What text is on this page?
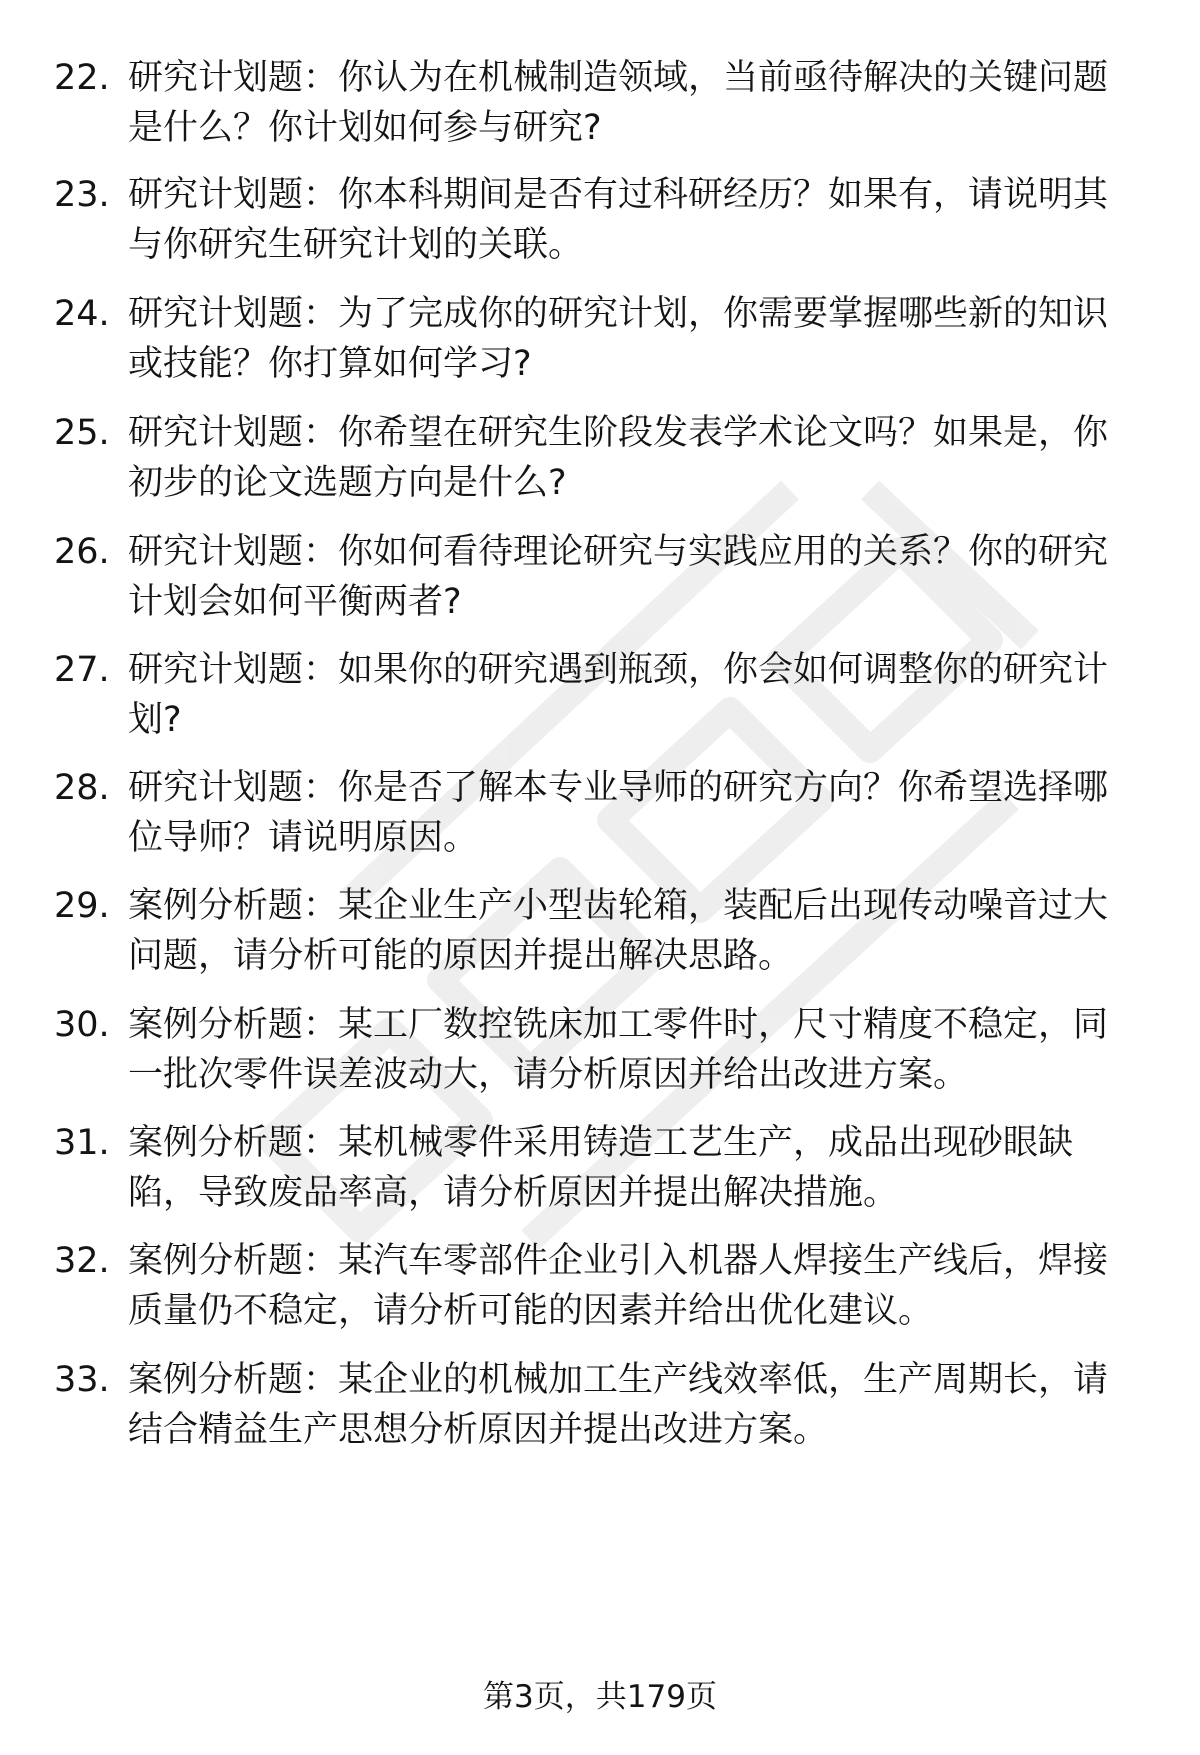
22. 研究计划题：你认为在机械制造领域，当前亟待解决的关键问题
是什么？你计划如何参与研究?
23. 研究计划题：你本科期间是否有过科研经历？如果有，请说明其
与你研究生研究计划的关联。
24. 研究计划题：为了完成你的研究计划，你需要掌握哪些新的知识
或技能？你打算如何学习?
25. 研究计划题：你希望在研究生阶段发表学术论文吗？如果是，你
初步的论文选题方向是什么?
26. 研究计划题：你如何看待理论研究与实践应用的关系？你的研究
计划会如何平衡两者?
27. 研究计划题：如果你的研究遇到瓶颈，你会如何调整你的研究计
划?
28. 研究计划题：你是否了解本专业导师的研究方向？你希望选择哪
位导师？请说明原因。
29. 案例分析题：某企业生产小型齿轮箱，装配后出现传动噪音过大
问题，请分析可能的原因并提出解决思路。
30. 案例分析题：某工厂数控铣床加工零件时，尺寸精度不稳定，同
一批次零件误差波动大，请分析原因并给出改进方案。
31. 案例分析题：某机械零件采用铸造工艺生产，成品出现砂眼缺
陷，导致废品率高，请分析原因并提出解决措施。
32. 案例分析题：某汽车零部件企业引入机器人焊接生产线后，焊接
质量仍不稳定，请分析可能的因素并给出优化建议。
33. 案例分析题：某企业的机械加工生产线效率低，生产周期长，请
结合精益生产思想分析原因并提出改进方案。
第3页，共179页
